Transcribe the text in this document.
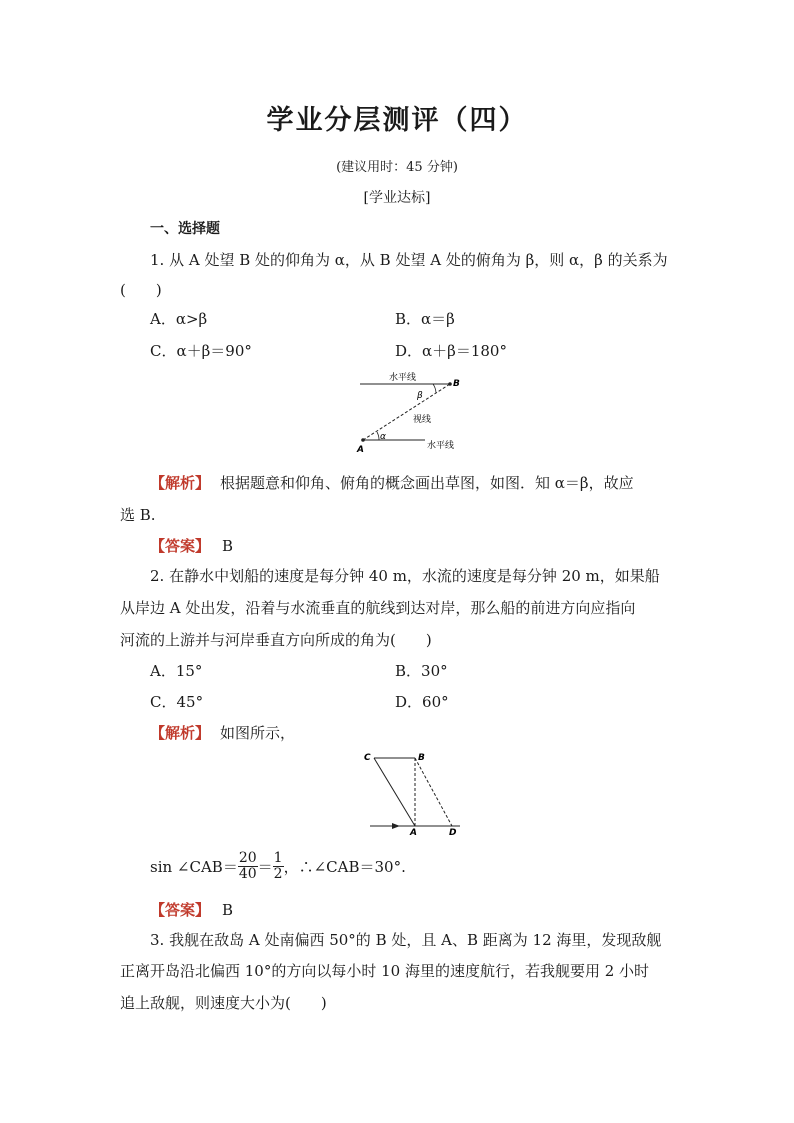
学业分层测评（四）
(建议用时：45 分钟)
[学业达标]
一、选择题
1. 从 A 处望 B 处的仰角为 α，从 B 处望 A 处的俯角为 β，则 α，β 的关系为
(　　)
A．α>β	B．α＝β
C．α＋β＝90°	D．α＋β＝180°
水平线
B
β
视线
A
α
水平线
【解析】 根据题意和仰角、俯角的概念画出草图，如图．知 α＝β，故应
选 B.
【答案】 B
2. 在静水中划船的速度是每分钟 40 m，水流的速度是每分钟 20 m，如果船
从岸边 A 处出发，沿着与水流垂直的航线到达对岸，那么船的前进方向应指向
河流的上游并与河岸垂直方向所成的角为(　　)
A．15°	B．30°
C．45°	D．60°
【解析】 如图所示，
C	B
A	D
sin ∠CAB＝ $\frac{20}{40} = \frac{1}{2}$ ，∴∠CAB＝30°.
【答案】 B
3. 我舰在敌岛 A 处南偏西 50°的 B 处，且 A、B 距离为 12 海里，发现敌舰
正离开岛沿北偏西 10°的方向以每小时 10 海里的速度航行，若我舰要用 2 小时
追上敌舰，则速度大小为(　　)
